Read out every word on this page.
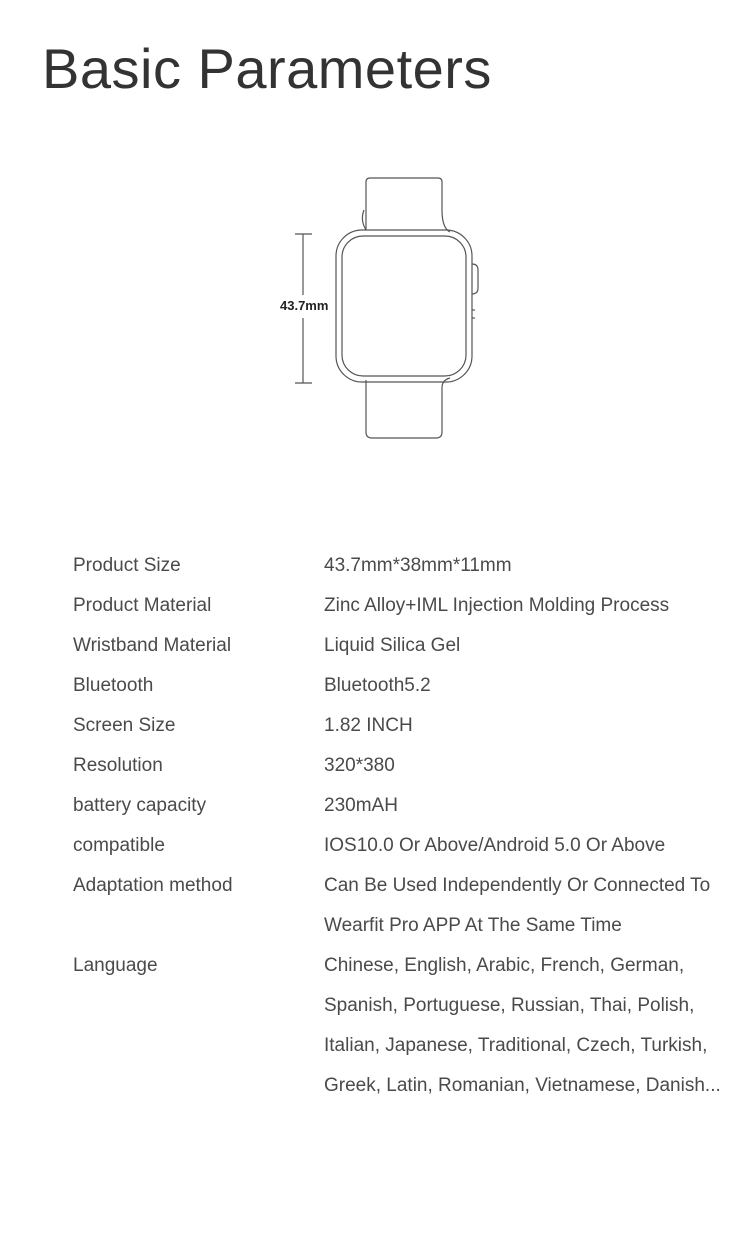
Basic Parameters
43.7mm
Product Size	43.7mm*38mm*11mm
Product Material	Zinc Alloy+IML Injection Molding Process
Wristband Material	Liquid Silica Gel
Bluetooth	Bluetooth5.2
Screen Size	1.82 INCH
Resolution	320*380
battery capacity	230mAH
compatible	IOS10.0 Or Above/Android 5.0 Or Above
Adaptation method	Can Be Used Independently Or Connected To
Wearfit Pro APP At The Same Time
Language	Chinese, English, Arabic, French, German,
Spanish, Portuguese, Russian, Thai, Polish,
Italian, Japanese, Traditional, Czech, Turkish,
Greek, Latin, Romanian, Vietnamese, Danish...
